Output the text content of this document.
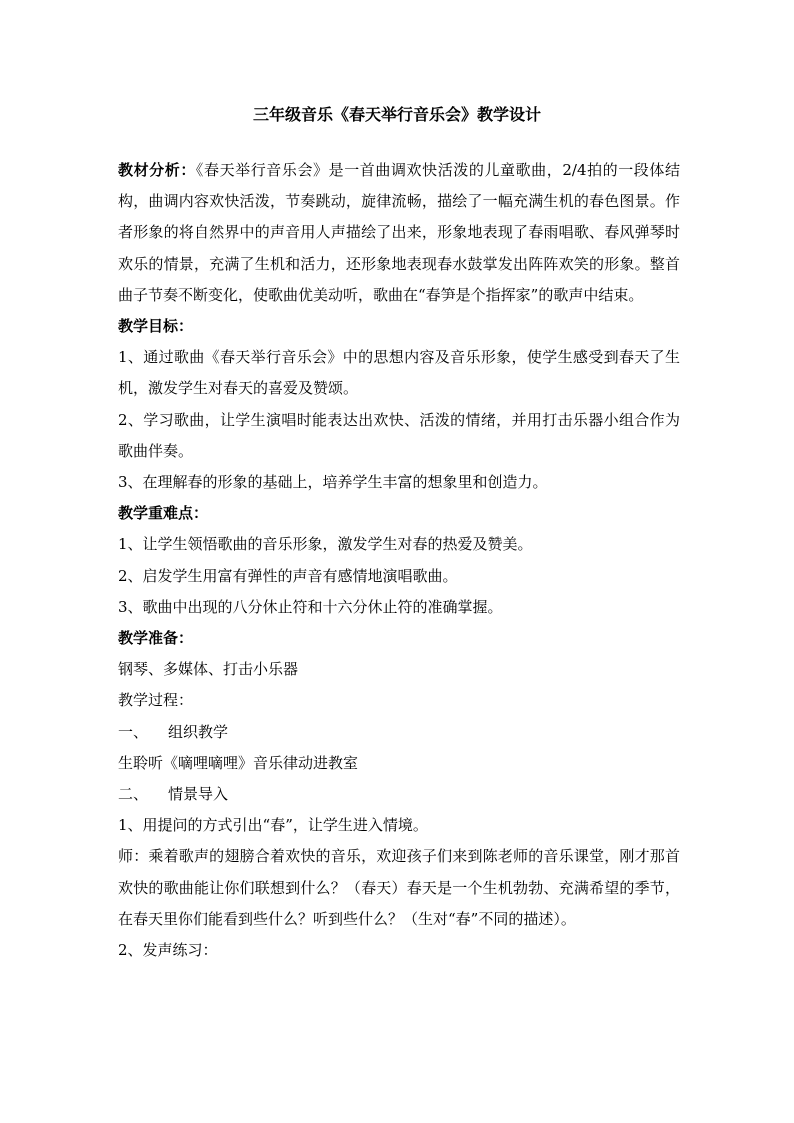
三年级音乐《春天举行音乐会》教学设计

教材分析：《春天举行音乐会》是一首曲调欢快活泼的儿童歌曲，2/4拍的一段体结构，曲调内容欢快活泼，节奏跳动，旋律流畅，描绘了一幅充满生机的春色图景。作者形象的将自然界中的声音用人声描绘了出来，形象地表现了春雨唱歌、春风弹琴时欢乐的情景，充满了生机和活力，还形象地表现春水鼓掌发出阵阵欢笑的形象。整首曲子节奏不断变化，使歌曲优美动听，歌曲在“春笋是个指挥家”的歌声中结束。

教学目标：

1、通过歌曲《春天举行音乐会》中的思想内容及音乐形象，使学生感受到春天了生机，激发学生对春天的喜爱及赞颂。

2、学习歌曲，让学生演唱时能表达出欢快、活泼的情绪，并用打击乐器小组合作为歌曲伴奏。

3、在理解春的形象的基础上，培养学生丰富的想象里和创造力。

教学重难点：

1、让学生领悟歌曲的音乐形象，激发学生对春的热爱及赞美。

2、启发学生用富有弹性的声音有感情地演唱歌曲。

3、歌曲中出现的八分休止符和十六分休止符的准确掌握。

教学准备：

钢琴、多媒体、打击小乐器

教学过程：

一、 组织教学

生聆听《嘀哩嘀哩》音乐律动进教室

二、 情景导入

1、用提问的方式引出“春”，让学生进入情境。

师：乘着歌声的翅膀合着欢快的音乐，欢迎孩子们来到陈老师的音乐课堂，刚才那首欢快的歌曲能让你们联想到什么？（春天）春天是一个生机勃勃、充满希望的季节，在春天里你们能看到些什么？听到些什么？（生对“春”不同的描述）。

2、发声练习：
